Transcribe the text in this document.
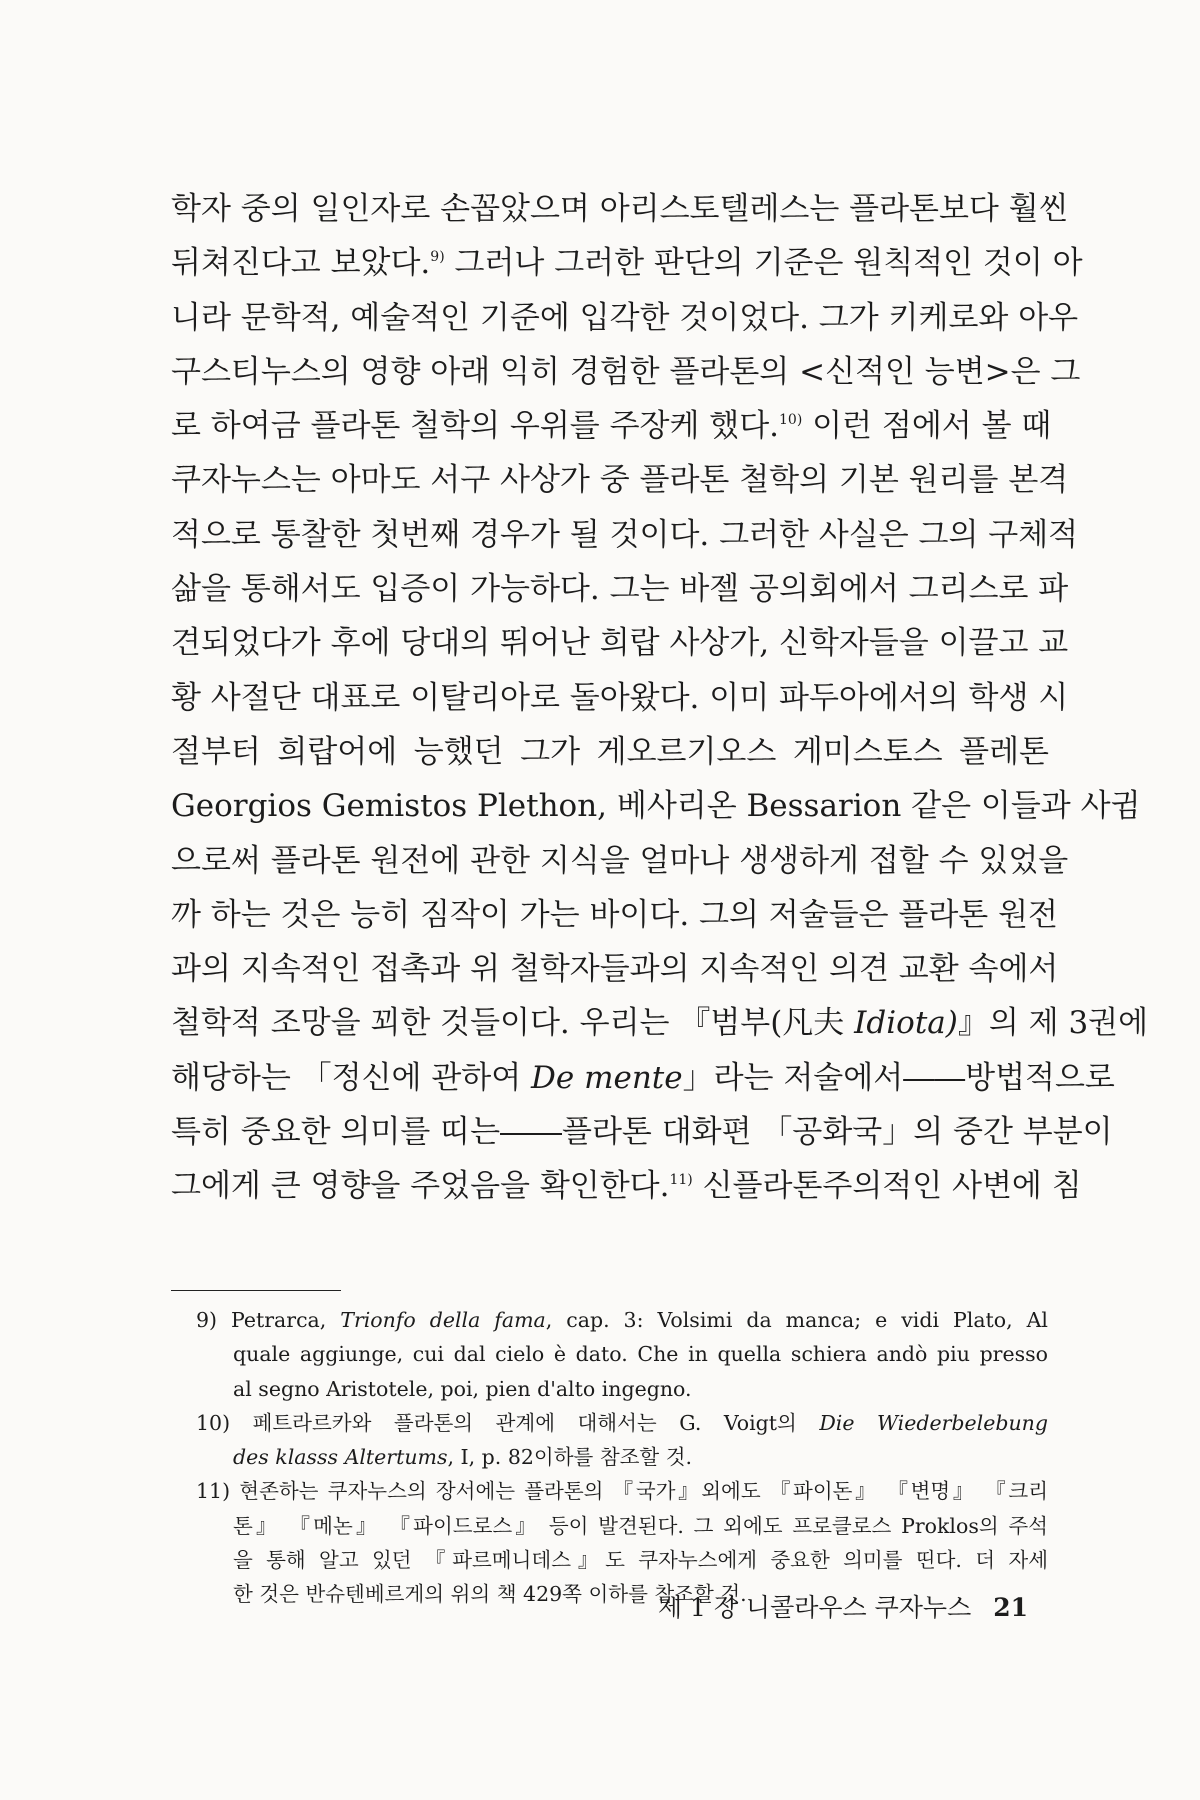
학자 중의 일인자로 손꼽았으며 아리스토텔레스는 플라톤보다 훨씬
뒤쳐진다고 보았다.$^{9)}$ 그러나 그러한 판단의 기준은 원칙적인 것이 아
니라 문학적, 예술적인 기준에 입각한 것이었다. 그가 키케로와 아우
구스티누스의 영향 아래 익히 경험한 플라톤의 <신적인 능변>은 그
로 하여금 플라톤 철학의 우위를 주장케 했다.$^{10)}$ 이런 점에서 볼 때
쿠자누스는 아마도 서구 사상가 중 플라톤 철학의 기본 원리를 본격
적으로 통찰한 첫번째 경우가 될 것이다. 그러한 사실은 그의 구체적
삶을 통해서도 입증이 가능하다. 그는 바젤 공의회에서 그리스로 파
견되었다가 후에 당대의 뛰어난 희랍 사상가, 신학자들을 이끌고 교
황 사절단 대표로 이탈리아로 돌아왔다. 이미 파두아에서의 학생 시
절부터 희랍어에 능했던 그가 게오르기오스 게미스토스 플레톤
Georgios Gemistos Plethon, 베사리온 Bessarion 같은 이들과 사귐
으로써 플라톤 원전에 관한 지식을 얼마나 생생하게 접할 수 있었을
까 하는 것은 능히 짐작이 가는 바이다. 그의 저술들은 플라톤 원전
과의 지속적인 접촉과 위 철학자들과의 지속적인 의견 교환 속에서
철학적 조망을 꾀한 것들이다. 우리는 『범부(凡夫 Idiota)』의 제 3권에
해당하는 「정신에 관하여 De mente」라는 저술에서――방법적으로
특히 중요한 의미를 띠는――플라톤 대화편 「공화국」의 중간 부분이
그에게 큰 영향을 주었음을 확인한다.$^{11)}$ 신플라톤주의적인 사변에 침
9) Petrarca, Trionfo della fama, cap. 3: Volsimi da manca; e vidi Plato, Al
quale aggiunge, cui dal cielo è dato. Che in quella schiera andò piu presso
al segno Aristotele, poi, pien d'alto ingegno.
10) 페트라르카와 플라톤의 관계에 대해서는 G. Voigt의 Die Wiederbelebung
des klasss Altertums, I, p. 82이하를 참조할 것.
11) 현존하는 쿠자누스의 장서에는 플라톤의 『국가』외에도 『파이돈』 『변명』 『크리
톤』 『메논』 『파이드로스』 등이 발견된다. 그 외에도 프로클로스 Proklos의 주석
을 통해 알고 있던 『파르메니데스』도 쿠자누스에게 중요한 의미를 띤다. 더 자세
한 것은 반슈텐베르게의 위의 책 429쪽 이하를 참조할 것.
제 1 장 니콜라우스 쿠자누스 21
